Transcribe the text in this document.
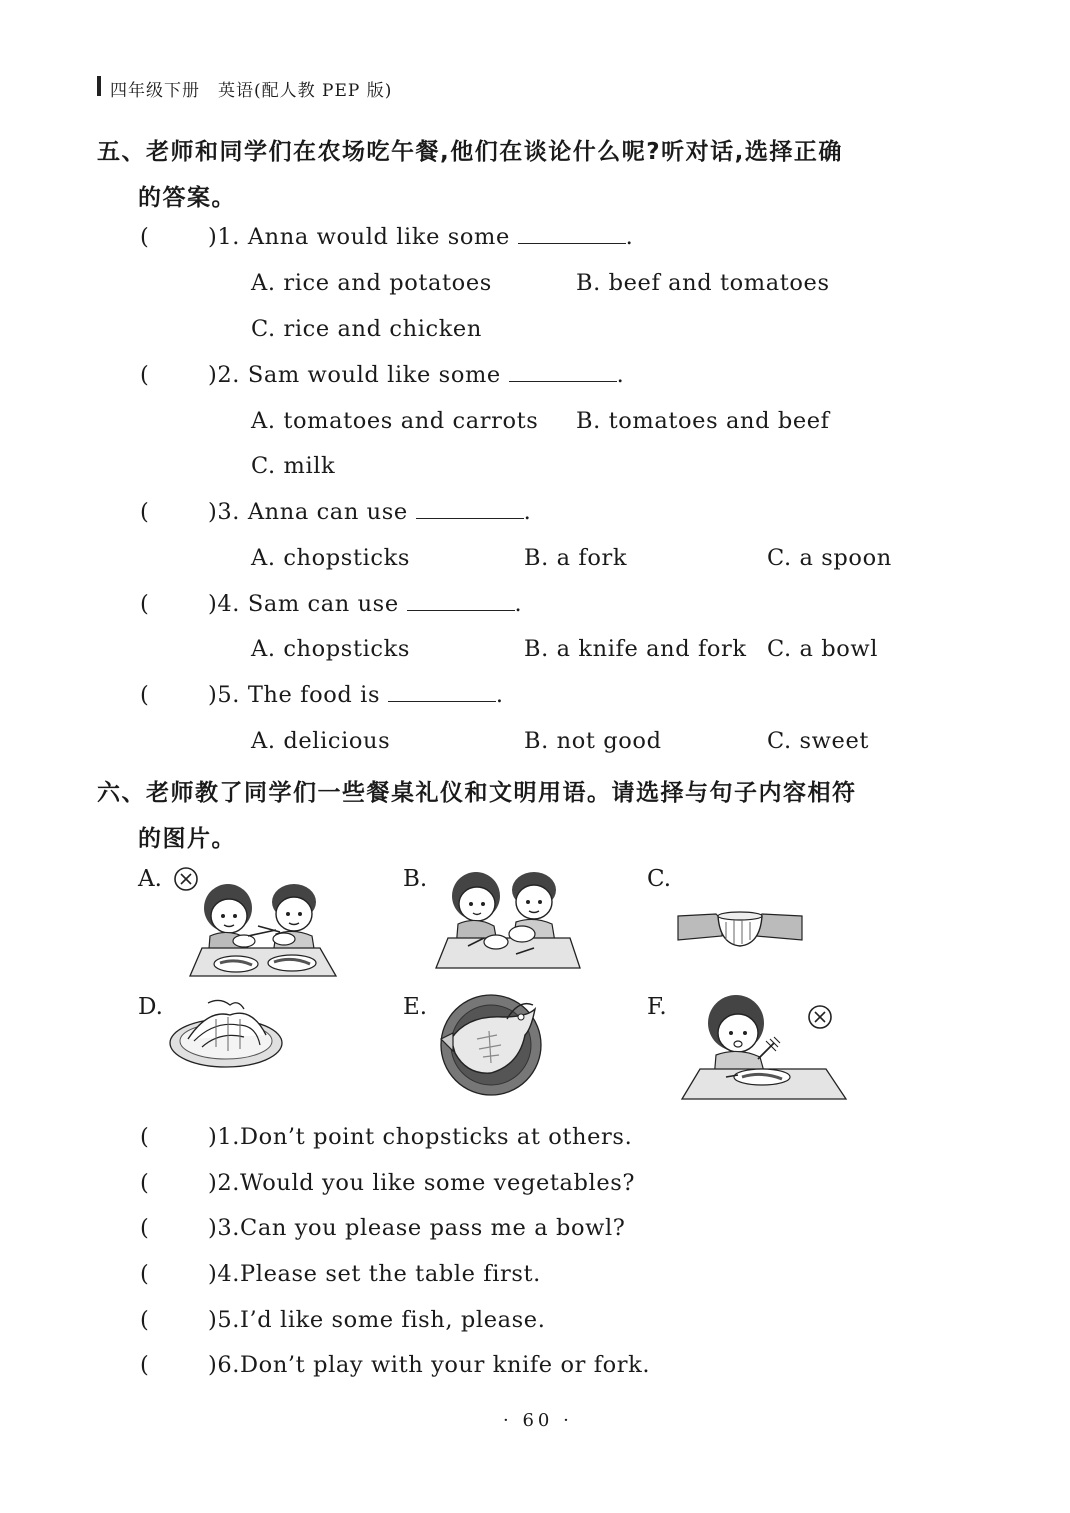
四年级下册　英语(配人教 PEP 版)
五、老师和同学们在农场吃午餐,他们在谈论什么呢?听对话,选择正确
的答案。
(	)1. Anna would like some	.
A. rice and potatoes	B. beef and tomatoes
C. rice and chicken
(	)2. Sam would like some	.
A. tomatoes and carrots B. tomatoes and beef
C. milk
(	)3. Anna can use	.
A. chopsticks	B. a fork	C. a spoon
(	)4. Sam can use	.
A. chopsticks	B. a knife and fork C. a bowl
(	)5. The food is	.
A. delicious	B. not good	C. sweet
六、老师教了同学们一些餐桌礼仪和文明用语。请选择与句子内容相符
的图片。
A.	B.	C.
D.	E.	F.
(	)1.Don’t point chopsticks at others.
(	)2.Would you like some vegetables?
(	)3.Can you please pass me a bowl?
(	)4.Please set the table first.
(	)5.I’d like some fish, please.
(	)6.Don’t play with your knife or fork.
· 60 ·
